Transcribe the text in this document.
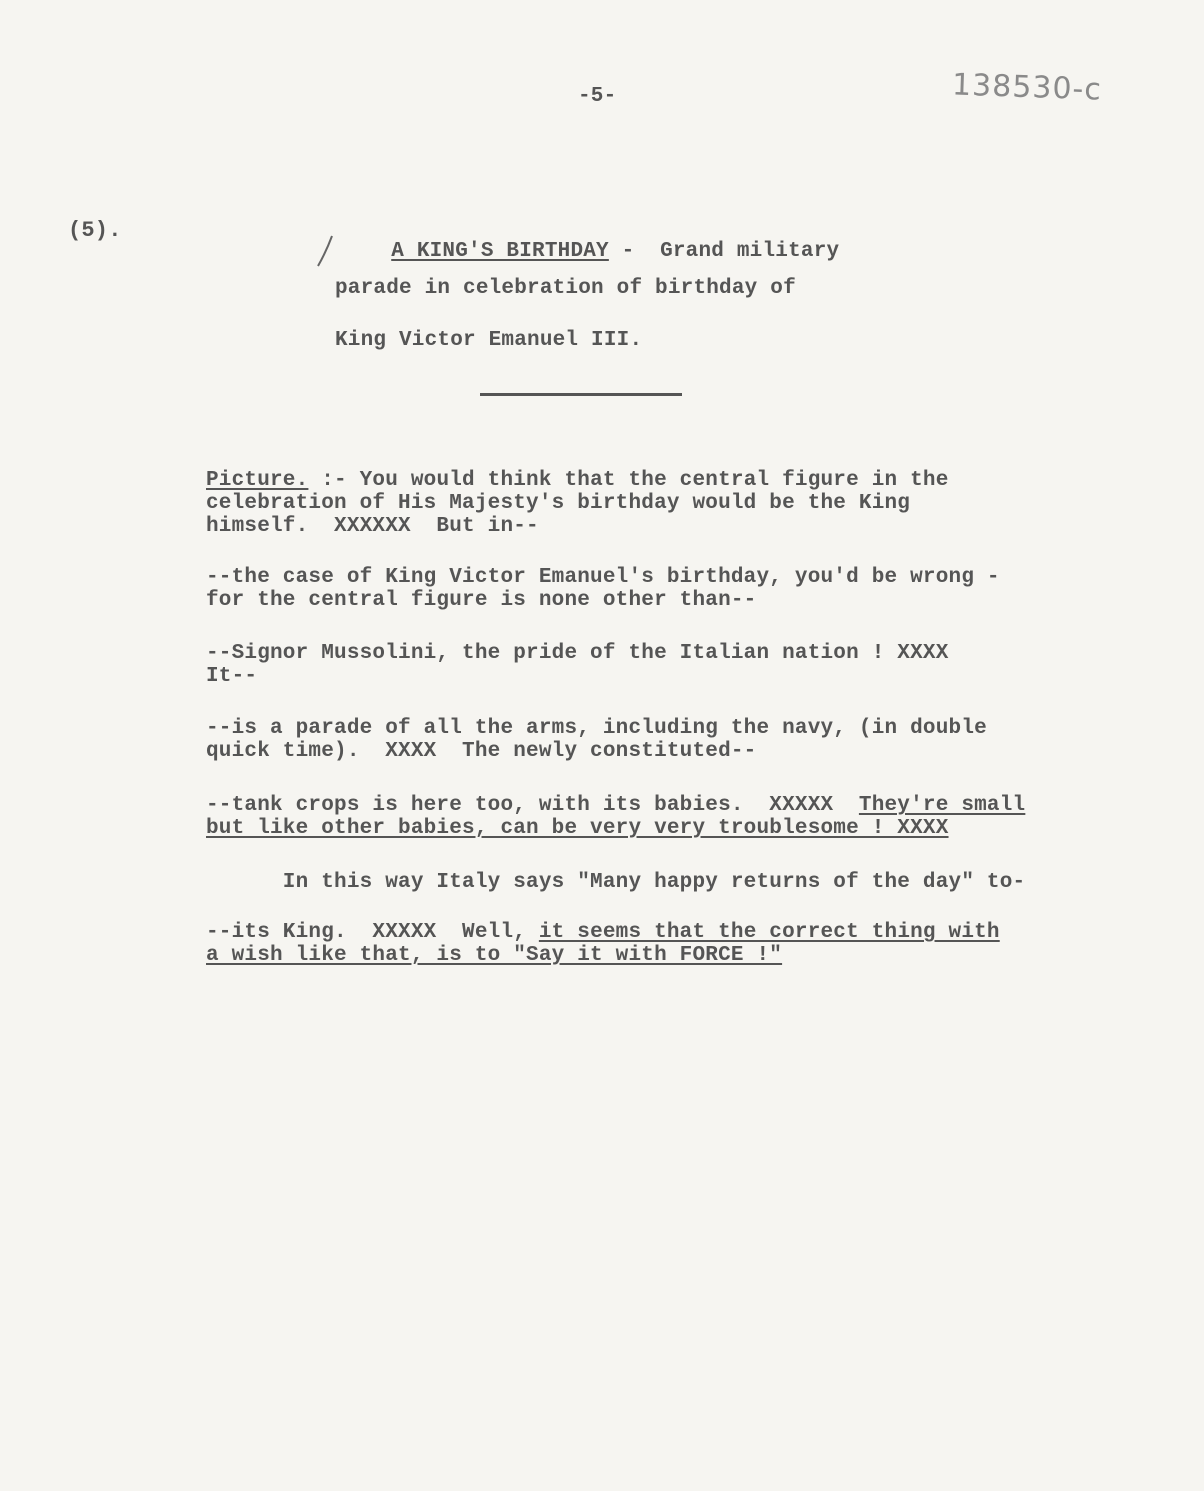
-5-	138530-c
(5).

A KING'S BIRTHDAY -  Grand military

parade in celebration of birthday of
King Victor Emanuel III.
Picture. :- You would think that the central figure in the
celebration of His Majesty's birthday would be the King
himself.  XXXXXX  But in--
--the case of King Victor Emanuel's birthday, you'd be wrong -
for the central figure is none other than--
--Signor Mussolini, the pride of the Italian nation ! XXXX
It--
--is a parade of all the arms, including the navy, (in double
quick time).  XXXX  The newly constituted--
--tank crops is here too, with its babies.  XXXXX  They're small
but like other babies, can be very very troublesome ! XXXX
In this way Italy says "Many happy returns of the day" to-
--its King.  XXXXX  Well, it seems that the correct thing with
a wish like that, is to "Say it with FORCE !"
